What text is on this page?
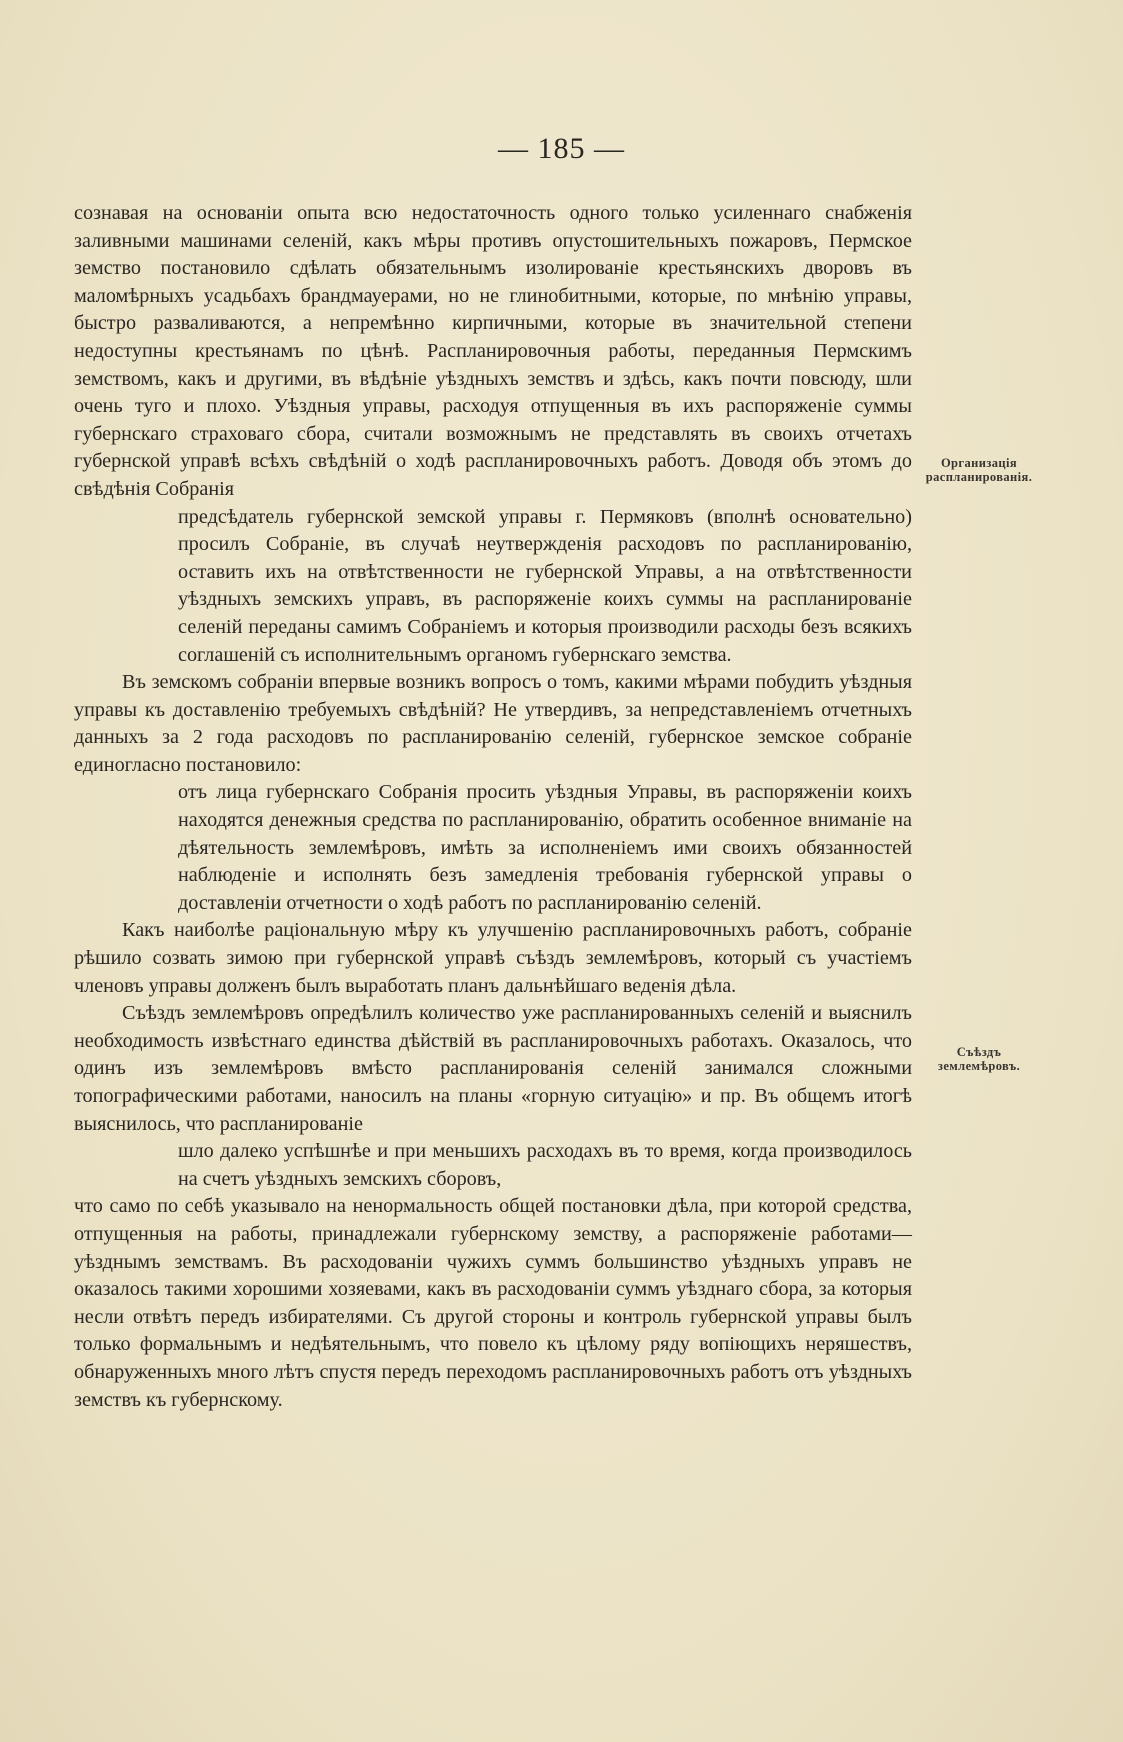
— 185 —

сознавая на основаніи опыта всю недостаточность одного только усиленнаго снабженія заливными машинами селеній, какъ мѣры противъ опустошительныхъ пожаровъ, Пермское земство постановило сдѣлать обязательнымъ изолированіе крестьянскихъ дворовъ въ маломѣрныхъ усадьбахъ брандмауерами, но не глинобитными, которые, по мнѣнію управы, быстро разваливаются, а непремѣнно кирпичными, которые въ значительной степени недоступны крестьянамъ по цѣнѣ. Распланировочныя работы, переданныя Пермскимъ земствомъ, какъ и другими, въ вѣдѣніе уѣздныхъ земствъ и здѣсь, какъ почти повсюду, шли очень туго и плохо. Уѣздныя управы, расходуя отпущенныя въ ихъ распоряженіе суммы губернскаго страховаго сбора, считали возможнымъ не представлять въ своихъ отчетахъ губернской управѣ всѣхъ свѣдѣній о ходѣ распланировочныхъ работъ. Доводя объ этомъ до свѣдѣнія Собранія

предсѣдатель губернской земской управы г. Пермяковъ (вполнѣ основательно) просилъ Собраніе, въ случаѣ неутвержденія расходовъ по распланированію, оставить ихъ на отвѣтственности не губернской Управы, а на отвѣтственности уѣздныхъ земскихъ управъ, въ распоряженіе коихъ суммы на распланированіе селеній переданы самимъ Собраніемъ и которыя производили расходы безъ всякихъ соглашеній съ исполнительнымъ органомъ губернскаго земства.

Въ земскомъ собраніи впервые возникъ вопросъ о томъ, какими мѣрами побудить уѣздныя управы къ доставленію требуемыхъ свѣдѣній? Не утвердивъ, за непредставленіемъ отчетныхъ данныхъ за 2 года расходовъ по распланированію селеній, губернское земское собраніе единогласно постановило:

отъ лица губернскаго Собранія просить уѣздныя Управы, въ распоряженіи коихъ находятся денежныя средства по распланированію, обратить особенное вниманіе на дѣятельность землемѣровъ, имѣть за исполненіемъ ими своихъ обязанностей наблюденіе и исполнять безъ замедленія требованія губернской управы о доставленіи отчетности о ходѣ работъ по распланированію селеній.

Какъ наиболѣе раціональную мѣру къ улучшенію распланировочныхъ работъ, собраніе рѣшило созвать зимою при губернской управѣ съѣздъ землемѣровъ, который съ участіемъ членовъ управы долженъ былъ выработать планъ дальнѣйшаго веденія дѣла.

Съѣздъ землемѣровъ опредѣлилъ количество уже распланированныхъ селеній и выяснилъ необходимость извѣстнаго единства дѣйствій въ распланировочныхъ работахъ. Оказалось, что одинъ изъ землемѣровъ вмѣсто распланированія селеній занимался сложными топографическими работами, наносилъ на планы «горную ситуацію» и пр. Въ общемъ итогѣ выяснилось, что распланированіе

шло далеко успѣшнѣе и при меньшихъ расходахъ въ то время, когда производилось на счетъ уѣздныхъ земскихъ сборовъ,

что само по себѣ указывало на ненормальность общей постановки дѣла, при которой средства, отпущенныя на работы, принадлежали губернскому земству, а распоряженіе работами—уѣзднымъ земствамъ. Въ расходованіи чужихъ суммъ большинство уѣздныхъ управъ не оказалось такими хорошими хозяевами, какъ въ расходованіи суммъ уѣзднаго сбора, за которыя несли отвѣтъ передъ избирателями. Съ другой стороны и контроль губернской управы былъ только формальнымъ и недѣятельнымъ, что повело къ цѣлому ряду вопіющихъ неряшествъ, обнаруженныхъ много лѣтъ спустя передъ переходомъ распланировочныхъ работъ отъ уѣздныхъ земствъ къ губернскому.

Организація распланированія.
Съѣздъ землемѣровъ.
